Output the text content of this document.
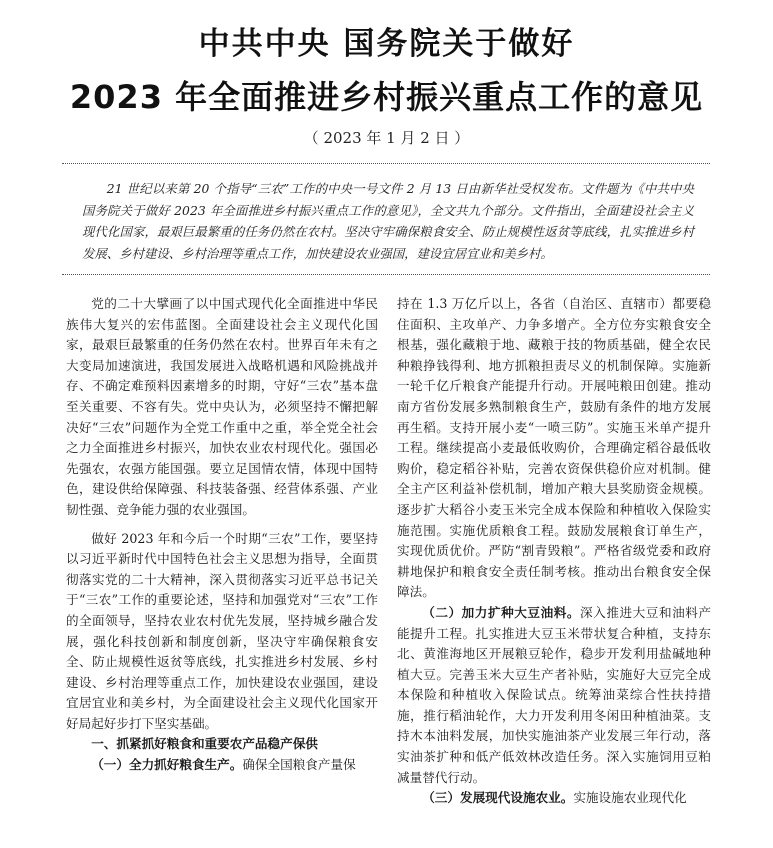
中共中央 国务院关于做好
2023 年全面推进乡村振兴重点工作的意见
（ 2023 年 1 月 2 日 ）
21 世纪以来第 20 个指导“三农”工作的中央一号文件 2 月 13 日由新华社受权发布。文件题为《中共中央 国务院关于做好 2023 年全面推进乡村振兴重点工作的意见》，全文共九个部分。文件指出，全面建设社会主义现代化国家，最艰巨最繁重的任务仍然在农村。坚决守牢确保粮食安全、防止规模性返贫等底线，扎实推进乡村发展、乡村建设、乡村治理等重点工作，加快建设农业强国，建设宜居宜业和美乡村。

党的二十大擘画了以中国式现代化全面推进中华民族伟大复兴的宏伟蓝图。全面建设社会主义现代化国家，最艰巨最繁重的任务仍然在农村。世界百年未有之大变局加速演进，我国发展进入战略机遇和风险挑战并存、不确定难预料因素增多的时期，守好“三农”基本盘至关重要、不容有失。党中央认为，必须坚持不懈把解决好“三农”问题作为全党工作重中之重，举全党全社会之力全面推进乡村振兴，加快农业农村现代化。强国必先强农，农强方能国强。要立足国情农情，体现中国特色，建设供给保障强、科技装备强、经营体系强、产业韧性强、竞争能力强的农业强国。

做好 2023 年和今后一个时期“三农”工作，要坚持以习近平新时代中国特色社会主义思想为指导，全面贯彻落实党的二十大精神，深入贯彻落实习近平总书记关于“三农”工作的重要论述，坚持和加强党对“三农”工作的全面领导，坚持农业农村优先发展，坚持城乡融合发展，强化科技创新和制度创新，坚决守牢确保粮食安全、防止规模性返贫等底线，扎实推进乡村发展、乡村建设、乡村治理等重点工作，加快建设农业强国，建设宜居宜业和美乡村，为全面建设社会主义现代化国家开好局起好步打下坚实基础。

一、抓紧抓好粮食和重要农产品稳产保供

（一）全力抓好粮食生产。确保全国粮食产量保

持在 1.3 万亿斤以上，各省（自治区、直辖市）都要稳住面积、主攻单产、力争多增产。全方位夯实粮食安全根基，强化藏粮于地、藏粮于技的物质基础，健全农民种粮挣钱得利、地方抓粮担责尽义的机制保障。实施新一轮千亿斤粮食产能提升行动。开展吨粮田创建。推动南方省份发展多熟制粮食生产，鼓励有条件的地方发展再生稻。支持开展小麦“一喷三防”。实施玉米单产提升工程。继续提高小麦最低收购价，合理确定稻谷最低收购价，稳定稻谷补贴，完善农资保供稳价应对机制。健全主产区利益补偿机制，增加产粮大县奖励资金规模。逐步扩大稻谷小麦玉米完全成本保险和种植收入保险实施范围。实施优质粮食工程。鼓励发展粮食订单生产，实现优质优价。严防“割青毁粮”。严格省级党委和政府耕地保护和粮食安全责任制考核。推动出台粮食安全保障法。

（二）加力扩种大豆油料。深入推进大豆和油料产能提升工程。扎实推进大豆玉米带状复合种植，支持东北、黄淮海地区开展粮豆轮作，稳步开发利用盐碱地种植大豆。完善玉米大豆生产者补贴，实施好大豆完全成本保险和种植收入保险试点。统筹油菜综合性扶持措施，推行稻油轮作，大力开发利用冬闲田种植油菜。支持木本油料发展，加快实施油茶产业发展三年行动，落实油茶扩种和低产低效林改造任务。深入实施饲用豆粕减量替代行动。

（三）发展现代设施农业。实施设施农业现代化
